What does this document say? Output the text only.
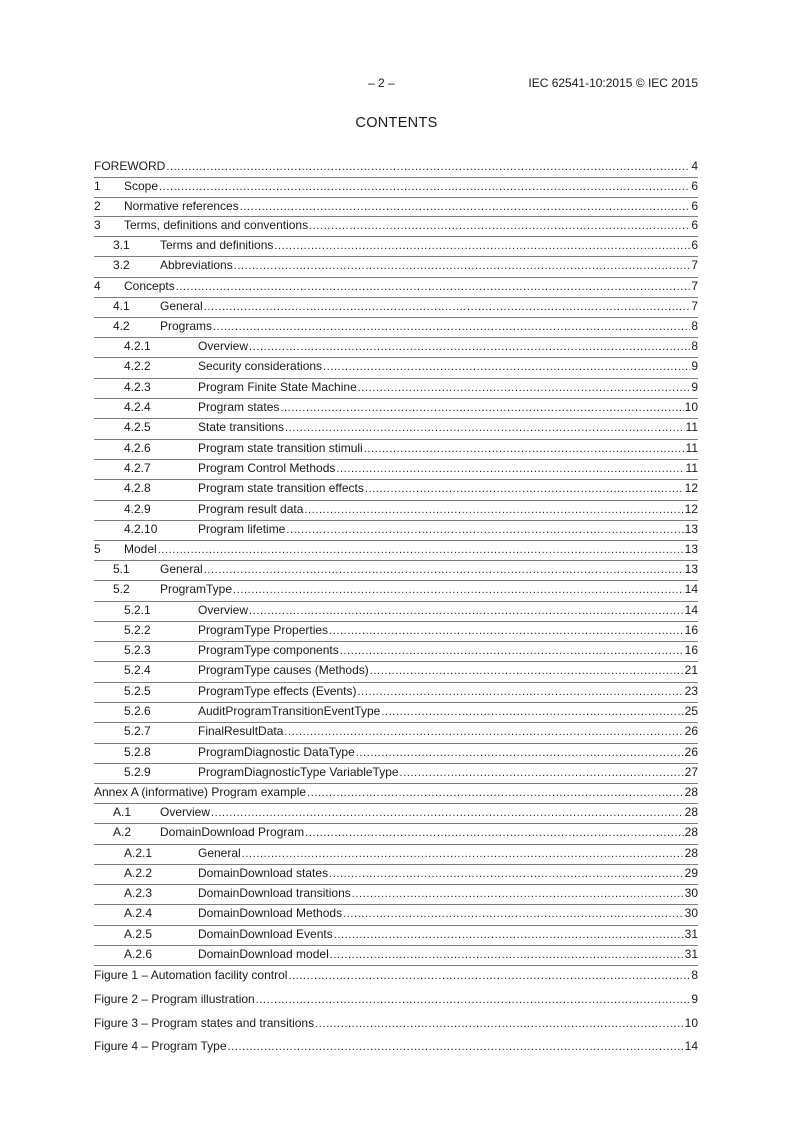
– 2 –	IEC 62541-10:2015 © IEC 2015
CONTENTS
FOREWORD .....	4
1 Scope .....	6
2 Normative references .....	6
3 Terms, definitions and conventions .....	6
3.1	Terms and definitions .....	6
3.2	Abbreviations .....	7
4 Concepts .....	7
4.1	General .....	7
4.2	Programs .....	8
4.2.1	Overview .....	8
4.2.2	Security considerations .....	9
4.2.3	Program Finite State Machine .....	9
4.2.4	Program states .....	10
4.2.5	State transitions .....	11
4.2.6	Program state transition stimuli .....	11
4.2.7	Program Control Methods .....	11
4.2.8	Program state transition effects .....	12
4.2.9	Program result data .....	12
4.2.10	Program lifetime .....	13
5 Model .....	13
5.1	General .....	13
5.2	ProgramType .....	14
5.2.1	Overview .....	14
5.2.2	ProgramType Properties .....	16
5.2.3	ProgramType components .....	16
5.2.4	ProgramType causes (Methods) .....	21
5.2.5	ProgramType effects (Events) .....	23
5.2.6	AuditProgramTransitionEventType .....	25
5.2.7	FinalResultData .....	26
5.2.8	ProgramDiagnostic DataType .....	26
5.2.9	ProgramDiagnosticType VariableType .....	27
Annex A (informative) Program example .....	28
A.1 Overview .....	28
A.2 DomainDownload Program .....	28
A.2.1	General .....	28
A.2.2	DomainDownload states .....	29
A.2.3	DomainDownload transitions .....	30
A.2.4	DomainDownload Methods .....	30
A.2.5	DomainDownload Events .....	31
A.2.6	DomainDownload model .....	31
Figure 1 – Automation facility control .....	8
Figure 2 – Program illustration .....	9
Figure 3 – Program states and transitions .....	10
Figure 4 – Program Type .....	14
